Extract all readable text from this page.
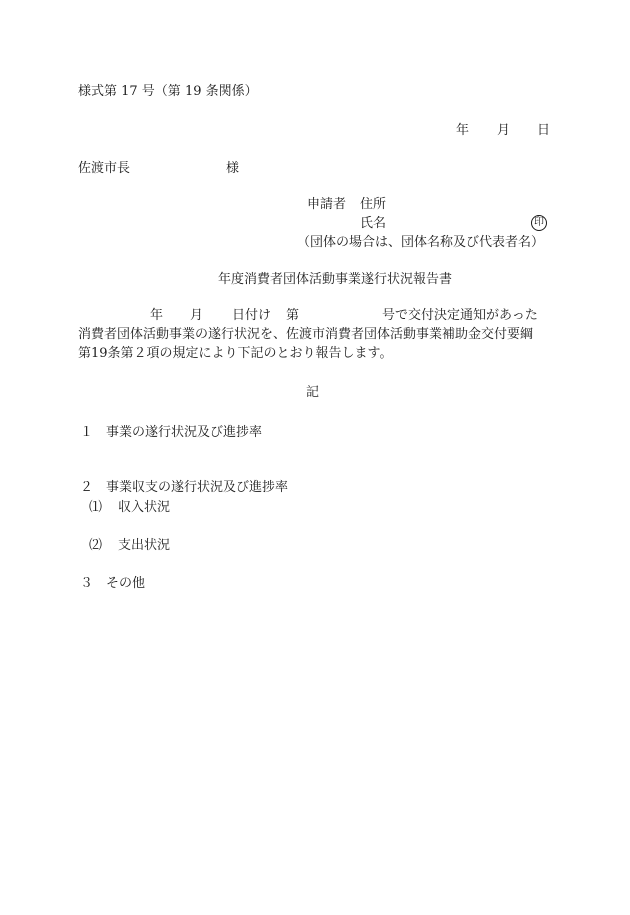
様式第 17 号（第 19 条関係）
年 月 日
佐渡市長	様
申請者 住所
氏名	印
（団体の場合は、団体名称及び代表者名）
年度消費者団体活動事業遂行状況報告書
年 月 日付け 第	号で交付決定通知があった
消費者団体活動事業の遂行状況を、佐渡市消費者団体活動事業補助金交付要綱
第19条第２項の規定により下記のとおり報告します。
記
１ 事業の遂行状況及び進捗率
２ 事業収支の遂行状況及び進捗率
⑴ 収入状況
⑵ 支出状況
３ その他
